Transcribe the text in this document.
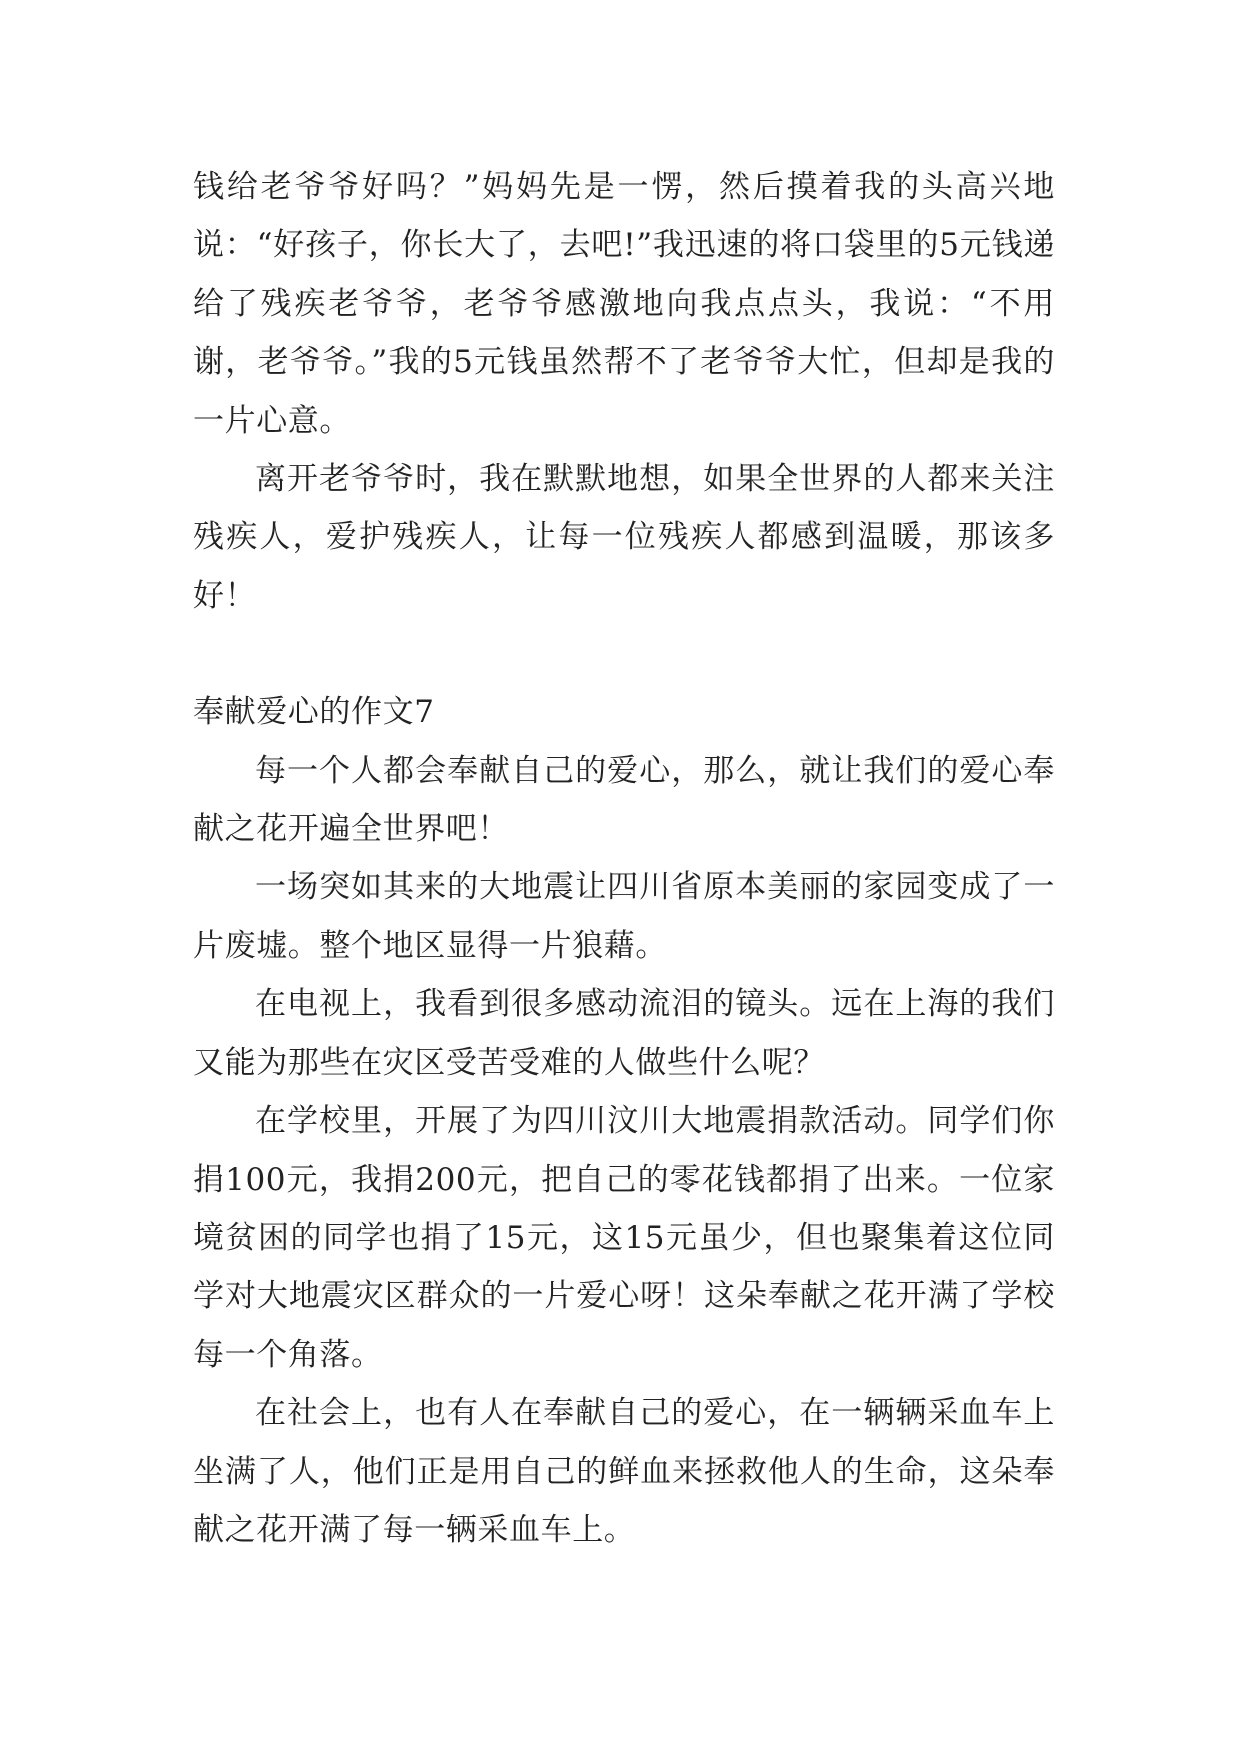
钱给老爷爷好吗？”妈妈先是一愣，然后摸着我的头高兴地说：“好孩子，你长大了，去吧!”我迅速的将口袋里的5元钱递给了残疾老爷爷，老爷爷感激地向我点点头，我说：“不用谢，老爷爷。”我的5元钱虽然帮不了老爷爷大忙，但却是我的一片心意。

离开老爷爷时，我在默默地想，如果全世界的人都来关注残疾人，爱护残疾人，让每一位残疾人都感到温暖，那该多好！

奉献爱心的作文7

每一个人都会奉献自己的爱心，那么，就让我们的爱心奉献之花开遍全世界吧！

一场突如其来的大地震让四川省原本美丽的家园变成了一片废墟。整个地区显得一片狼藉。

在电视上，我看到很多感动流泪的镜头。远在上海的我们又能为那些在灾区受苦受难的人做些什么呢？

在学校里，开展了为四川汶川大地震捐款活动。同学们你捐100元，我捐200元，把自己的零花钱都捐了出来。一位家境贫困的同学也捐了15元，这15元虽少，但也聚集着这位同学对大地震灾区群众的一片爱心呀！这朵奉献之花开满了学校每一个角落。

在社会上，也有人在奉献自己的爱心，在一辆辆采血车上坐满了人，他们正是用自己的鲜血来拯救他人的生命，这朵奉献之花开满了每一辆采血车上。
